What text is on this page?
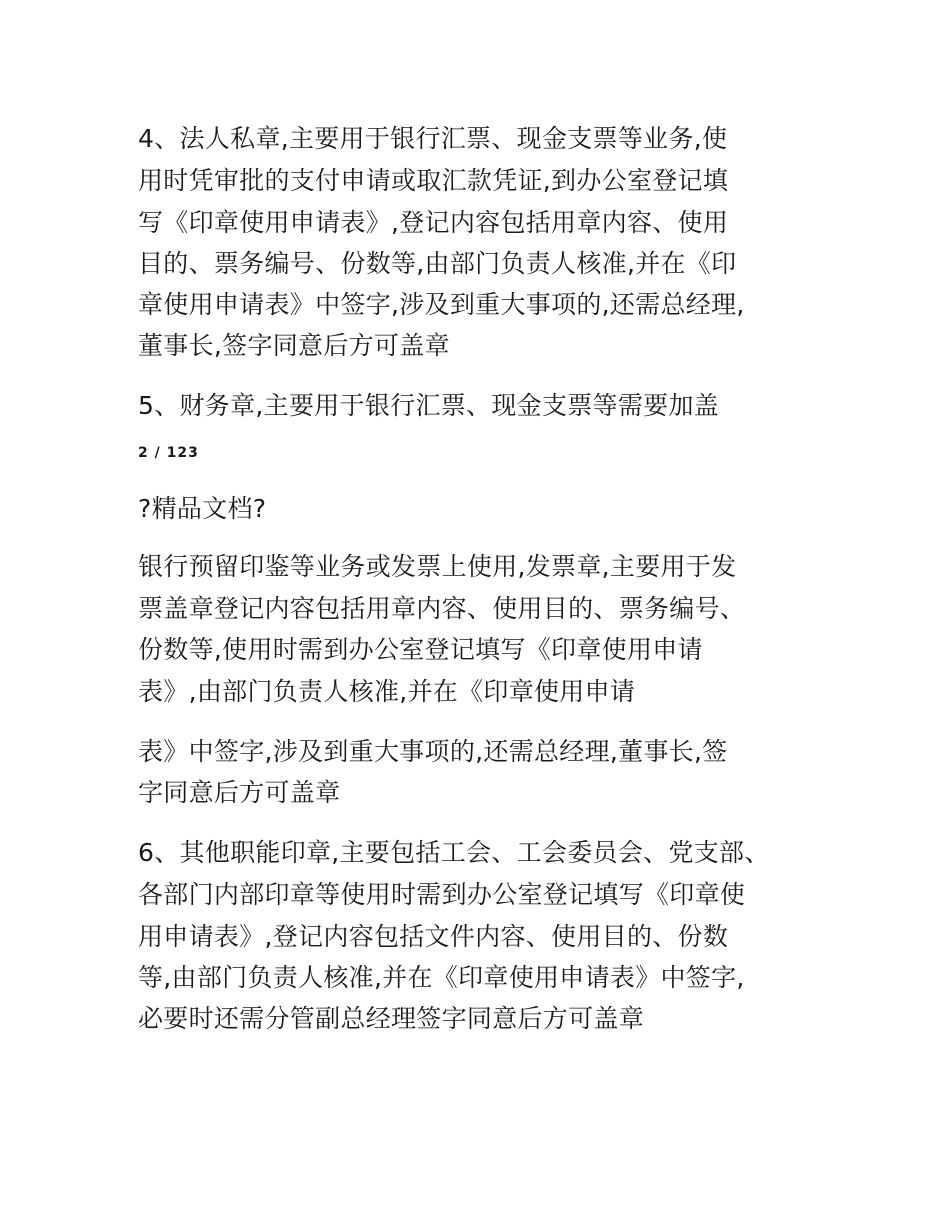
4、法人私章,主要用于银行汇票、现金支票等业务,使
用时凭审批的支付申请或取汇款凭证,到办公室登记填
写《印章使用申请表》,登记内容包括用章内容、使用
目的、票务编号、份数等,由部门负责人核准,并在《印
章使用申请表》中签字,涉及到重大事项的,还需总经理,
董事长,签字同意后方可盖章
5、财务章,主要用于银行汇票、现金支票等需要加盖
2 / 123
?精品文档?
银行预留印鉴等业务或发票上使用,发票章,主要用于发
票盖章登记内容包括用章内容、使用目的、票务编号、
份数等,使用时需到办公室登记填写《印章使用申请
表》,由部门负责人核准,并在《印章使用申请
表》中签字,涉及到重大事项的,还需总经理,董事长,签
字同意后方可盖章
6、其他职能印章,主要包括工会、工会委员会、党支部、
各部门内部印章等使用时需到办公室登记填写《印章使
用申请表》,登记内容包括文件内容、使用目的、份数
等,由部门负责人核准,并在《印章使用申请表》中签字,
必要时还需分管副总经理签字同意后方可盖章
